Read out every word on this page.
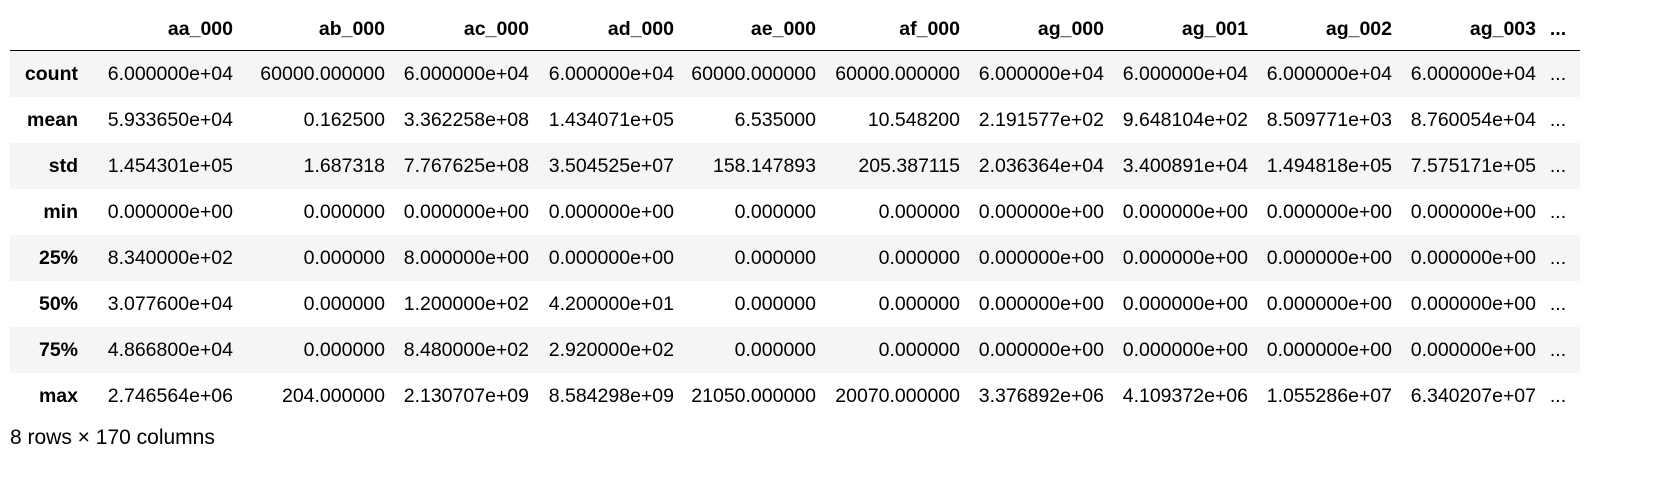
	aa_000	ab_000	ac_000	ad_000	ae_000	af_000	ag_000	ag_001	ag_002	ag_003	...
count	6.000000e+04	60000.000000	6.000000e+04	6.000000e+04	60000.000000	60000.000000	6.000000e+04	6.000000e+04	6.000000e+04	6.000000e+04	...
mean	5.933650e+04	0.162500	3.362258e+08	1.434071e+05	6.535000	10.548200	2.191577e+02	9.648104e+02	8.509771e+03	8.760054e+04	...
std	1.454301e+05	1.687318	7.767625e+08	3.504525e+07	158.147893	205.387115	2.036364e+04	3.400891e+04	1.494818e+05	7.575171e+05	...
min	0.000000e+00	0.000000	0.000000e+00	0.000000e+00	0.000000	0.000000	0.000000e+00	0.000000e+00	0.000000e+00	0.000000e+00	...
25%	8.340000e+02	0.000000	8.000000e+00	0.000000e+00	0.000000	0.000000	0.000000e+00	0.000000e+00	0.000000e+00	0.000000e+00	...
50%	3.077600e+04	0.000000	1.200000e+02	4.200000e+01	0.000000	0.000000	0.000000e+00	0.000000e+00	0.000000e+00	0.000000e+00	...
75%	4.866800e+04	0.000000	8.480000e+02	2.920000e+02	0.000000	0.000000	0.000000e+00	0.000000e+00	0.000000e+00	0.000000e+00	...
max	2.746564e+06	204.000000	2.130707e+09	8.584298e+09	21050.000000	20070.000000	3.376892e+06	4.109372e+06	1.055286e+07	6.340207e+07	...
8 rows × 170 columns
